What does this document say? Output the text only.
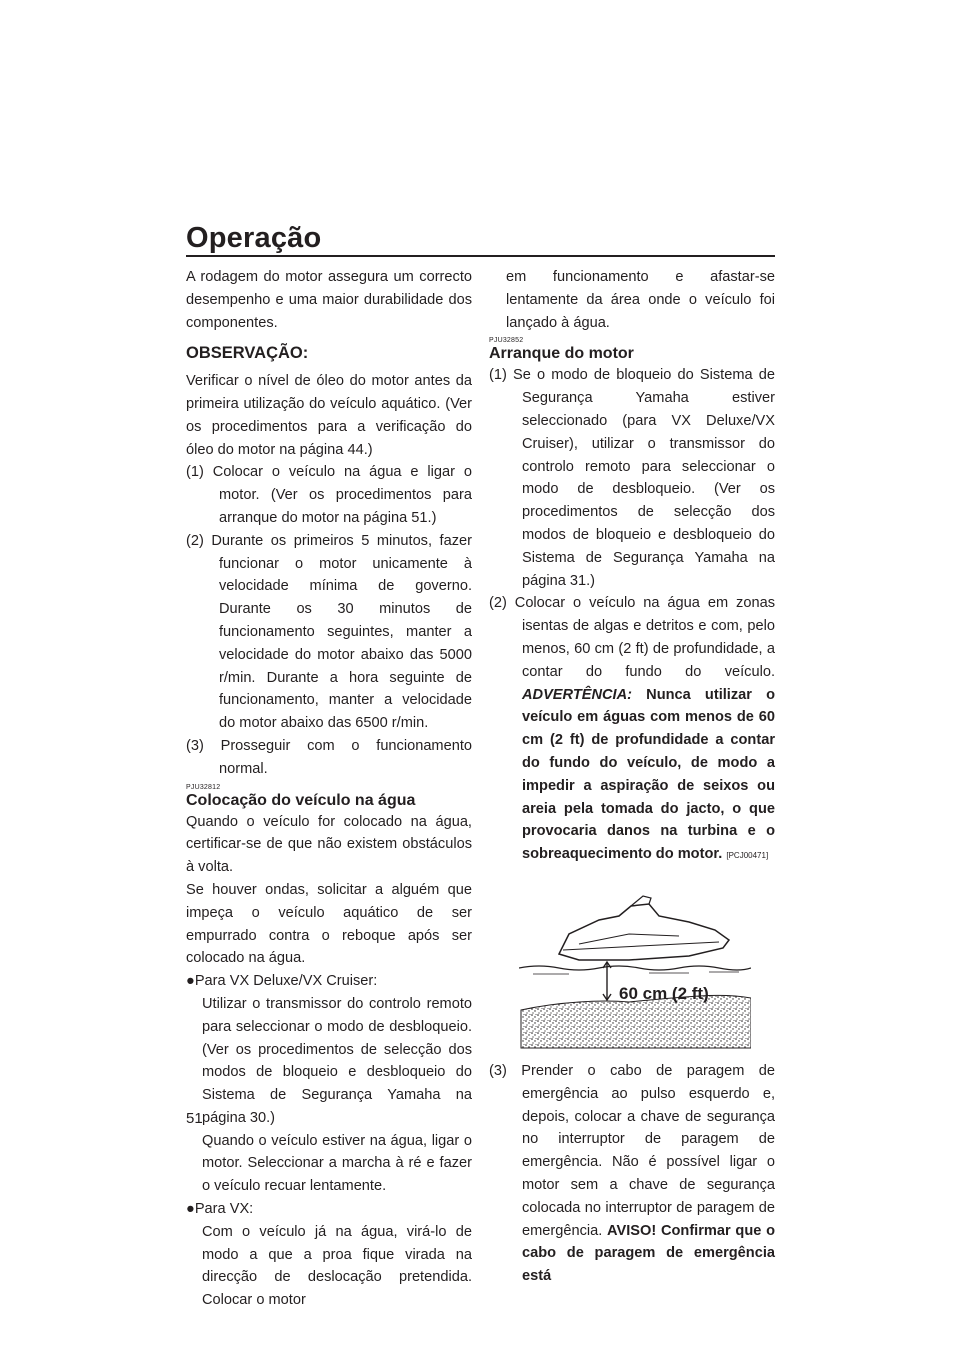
Operação

A rodagem do motor assegura um correcto desempenho e uma maior durabilidade dos componentes.

OBSERVAÇÃO:

Verificar o nível de óleo do motor antes da primeira utilização do veículo aquático. (Ver os procedimentos para a verificação do óleo do motor na página 44.)

(1) Colocar o veículo na água e ligar o motor. (Ver os procedimentos para arranque do motor na página 51.)

(2) Durante os primeiros 5 minutos, fazer funcionar o motor unicamente à velocidade mínima de governo. Durante os 30 minutos de funcionamento seguintes, manter a velocidade do motor abaixo das 5000 r/min. Durante a hora seguinte de funcionamento, manter a velocidade do motor abaixo das 6500 r/min.

(3) Prosseguir com o funcionamento normal.

PJU32812

Colocação do veículo na água

Quando o veículo for colocado na água, certificar-se de que não existem obstáculos à volta.

Se houver ondas, solicitar a alguém que impeça o veículo aquático de ser empurrado contra o reboque após ser colocado na água.

●Para VX Deluxe/VX Cruiser:

Utilizar o transmissor do controlo remoto para seleccionar o modo de desbloqueio. (Ver os procedimentos de selecção dos modos de bloqueio e desbloqueio do Sistema de Segurança Yamaha na página 30.)

Quando o veículo estiver na água, ligar o motor. Seleccionar a marcha à ré e fazer o veículo recuar lentamente.

●Para VX:

Com o veículo já na água, virá-lo de modo a que a proa fique virada na direcção de deslocação pretendida. Colocar o motor

em funcionamento e afastar-se lentamente da área onde o veículo foi lançado à água.

PJU32852

Arranque do motor

(1) Se o modo de bloqueio do Sistema de Segurança Yamaha estiver seleccionado (para VX Deluxe/VX Cruiser), utilizar o transmissor do controlo remoto para seleccionar o modo de desbloqueio. (Ver os procedimentos de selecção dos modos de bloqueio e desbloqueio do Sistema de Segurança Yamaha na página 31.)

(2) Colocar o veículo na água em zonas isentas de algas e detritos e com, pelo menos, 60 cm (2 ft) de profundidade, a contar do fundo do veículo. ADVERTÊNCIA: Nunca utilizar o veículo em águas com menos de 60 cm (2 ft) de profundidade a contar do fundo do veículo, de modo a impedir a aspiração de seixos ou areia pela tomada do jacto, o que provocaria danos na turbina e o sobreaquecimento do motor. [PCJ00471]

60 cm (2 ft)

(3) Prender o cabo de paragem de emergência ao pulso esquerdo e, depois, colocar a chave de segurança no interruptor de paragem de emergência. Não é possível ligar o motor sem a chave de segurança colocada no interruptor de paragem de emergência. AVISO! Confirmar que o cabo de paragem de emergência está

51
